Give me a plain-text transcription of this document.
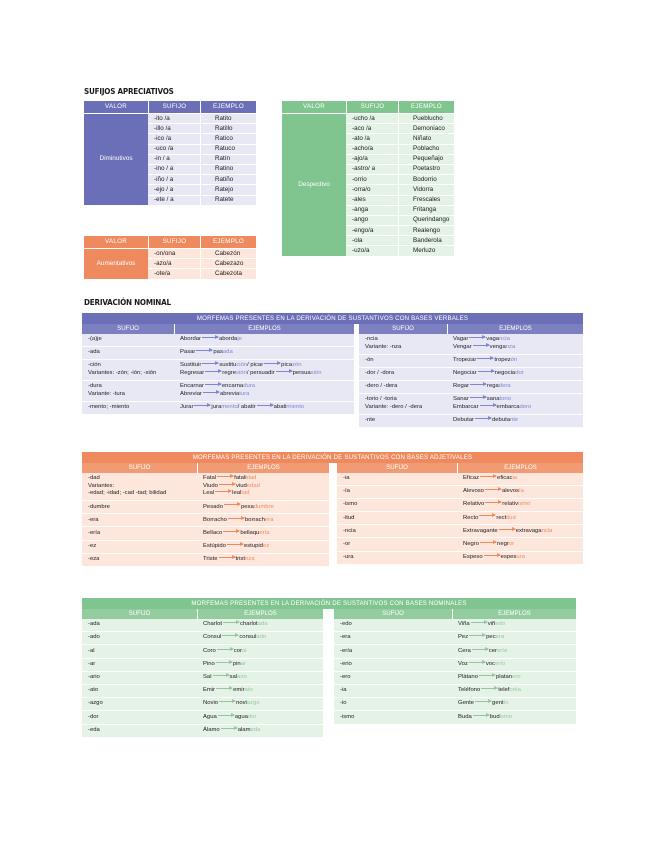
SUFIJOS APRECIATIVOS
VALOR	SUFIJO	EJEMPLO
Diminutivos
-ito /a	Ratito
-illo /a	Ratillo
-ico /a	Ratico
-uco /a	Ratuco
-in / a	Ratín
-ino / a	Ratino
-iño / a	Ratiño
-ejo / a	Ratejo
-ete / a	Ratete
VALOR	SUFIJO	EJEMPLO
Aumentativos
-on/ona	Cabezón
-azo/a	Cabezazo
-ote/a	Cabezota
VALOR	SUFIJO	EJEMPLO
Despectivo
-ucho /a	Pueblucho
-aco /a	Demoniaco
-ato /a	Niñato
-acho/a	Poblacho
-ajo/a	Pequeñajo
-astro/ a	Poetastro
-orrio	Bodorrio
-orra/o	Vidorra
-ales	Frescales
-anga	Fritanga
-ango	Querindango
-engo/a	Realengo
-ola	Banderola
-uzo/a	Merluzo
DERIVACIÓN NOMINAL
MORFEMAS PRESENTES EN LA DERIVACIÓN DE SUSTANTIVOS CON BASES VERBALES
SUFIJO	EJEMPLOS
-(a)je	Abordar	abordaje
-ada	Pasar	pasada
-ción
Variantes: -zón; -ión; -sión
Sustituir	sustitución/ picar	picazón
Regresar	regresión/ persuadir	persuasión
-dura
Variante: -tura
Encarnar	encarnadura
Abreviar	abreviatura
-mento; -miento	Jurar	juramento/ abatir	abatimiento
SUFIJO	EJEMPLOS
-ncia
Variante: -nza
Vagar	vagancia
Vengar	venganza
-ón	Tropezar	tropezón
-dor / -dora	Negociar	negociador
-dero / -dera	Regar	regadera
-torio / -toria
Variante: -dero / -dera
Sanar	sanatorio
Embarcar	embarcadero
-nte	Debutar	debutante
MORFEMAS PRESENTES EN LA DERIVACIÓN DE SUSTANTIVOS CON BASES ADJETIVALES
SUFIJO	EJEMPLOS
-dad
Variantes:
-edad; -idad; -cad -tad; bilidad
Fatal	fatalidad
Viudo	viudedad
Leal	lealtad
-dumbre	Pesado	pesadumbre
-era	Borracho	borrachera
-ería	Bellaco	bellaquería
-ez	Estúpido	estupidez
-eza	Triste	tristeza
SUFIJO	EJEMPLOS
-ia	Eficaz	eficacia
-ía	Alevoso	alevosía
-ismo	Relativo	relativismo
-itud	Recto	rectitud
-ncia	Extravagante	extravagancia
-or	Negro	negror
-ura	Espeso	espesura
MORFEMAS PRESENTES EN LA DERIVACIÓN DE SUSTANTIVOS CON BASES NOMINALES
SUFIJO	EJEMPLOS
-ada	Charlot	charlotada
-ado	Consul	consulado
-al	Coro	coral
-ar	Pino	pinar
-ario	Sal	salario
-ato	Emir	emirato
-azgo	Novio	noviazgo
-dor	Agua	aguador
-eda	Álamo	alameda
SUFIJO	EJEMPLOS
-edo	Viña	viñedo
-era	Pez	pecera
-ería	Cera	cerería
-erio	Voz	vocerío
-ero	Plátano	platanero
-ia	Teléfono	telefonía
-io	Gente	gentío
-ismo	Buda	budismo
